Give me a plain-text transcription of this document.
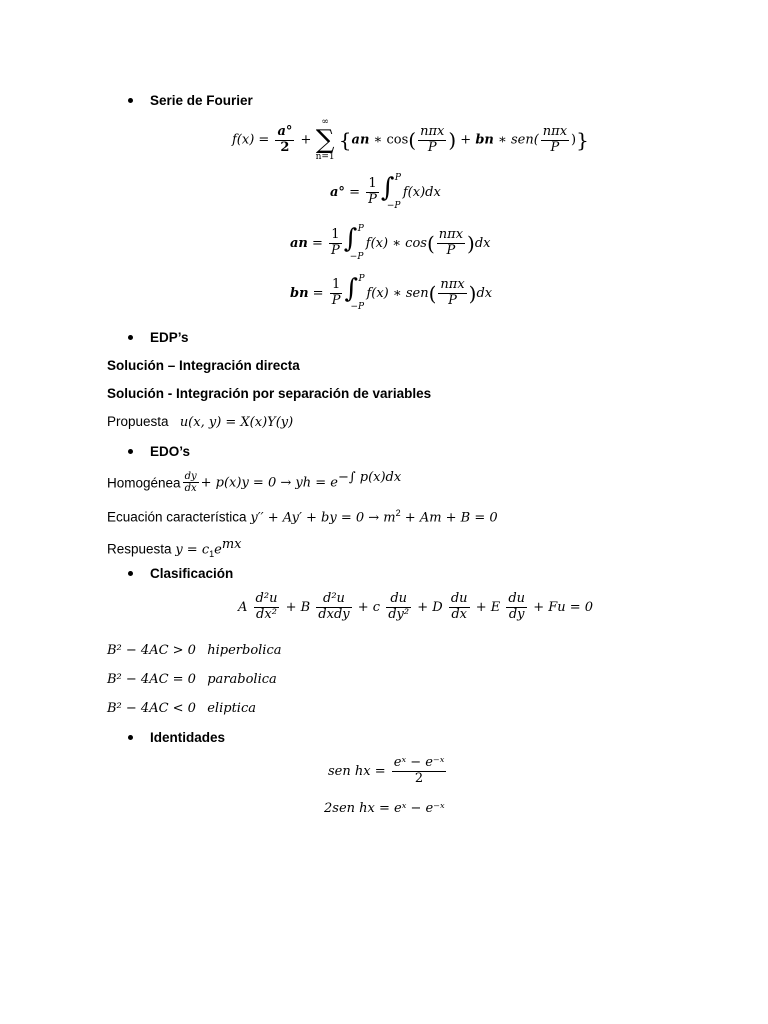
Serie de Fourier
$f(x) = \frac{a^\circ}{2}$ + ∞
∑
n=1 {an ∗ $\cos( \frac{\text{nπx}}{P}$ ) + bn ∗ $sen( \frac{\text{nπx}}{P}$ )}
$a^\circ = \frac{1}{P}$ ∫ P
−P
f(x)dx
an = $\frac{1}{P}$ ∫ P
−P
f(x) ∗ $\cos( \frac{\text{nπx}}{P} )dx$
bn = $\frac{1}{P}$ ∫ P
−P
f(x) ∗ $sen( \frac{\text{nπx}}{P} )dx$
EDP’s
Solución – Integración directa
Solución - Integración por separación de variables
Propuesta u(x, y) = X(x)Y(y)
EDO’s
Homogénea $\frac{dy}{dx} + p(x)y = 0$ → yh = $e^{-\int p(x)dx}$
Ecuación característica y′′ + Ay′ + by = $0 \to m^2 + Am + B = 0$
Respuesta $y = c_1e^{mx}$
Clasificación
A $\frac{\text{d²u}}{\text{dx²}} + B \frac{\text{d²u}}{\text{dxdy}} + c \frac{du}{\text{dy²}} + D \frac{du}{dx} + E \frac{du}{dy} + Fu = 0$
B² − 4AC > 0 hiperbolica
B² − 4AC = 0 parabolica
B² − 4AC < 0 eliptica
Identidades
sen hx = $\frac{\text{eˣ − e⁻ˣ}}{2}$
2sen hx = eˣ − e⁻ˣ
